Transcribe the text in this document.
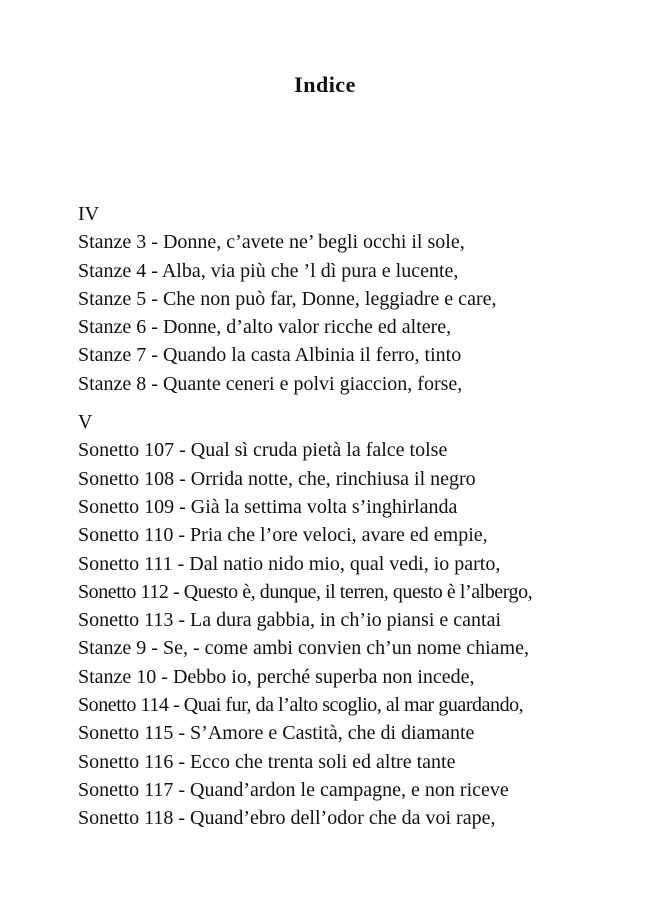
Indice
IV
Stanze 3 - Donne, c’avete ne’ begli occhi il sole,
Stanze 4 - Alba, via più che ’l dì pura e lucente,
Stanze 5 - Che non può far, Donne, leggiadre e care,
Stanze 6 - Donne, d’alto valor ricche ed altere,
Stanze 7 - Quando la casta Albinia il ferro, tinto
Stanze 8 - Quante ceneri e polvi giaccion, forse,
V
Sonetto 107 - Qual sì cruda pietà la falce tolse
Sonetto 108 - Orrida notte, che, rinchiusa il negro
Sonetto 109 - Già la settima volta s’inghirlanda
Sonetto 110 - Pria che l’ore veloci, avare ed empie,
Sonetto 111 - Dal natio nido mio, qual vedi, io parto,
Sonetto 112 - Questo è, dunque, il terren, questo è l’albergo,
Sonetto 113 - La dura gabbia, in ch’io piansi e cantai
Stanze 9 - Se, - come ambi convien ch’un nome chiame,
Stanze 10 - Debbo io, perché superba non incede,
Sonetto 114 - Quai fur, da l’alto scoglio, al mar guardando,
Sonetto 115 - S’Amore e Castità, che di diamante
Sonetto 116 - Ecco che trenta soli ed altre tante
Sonetto 117 - Quand’ardon le campagne, e non riceve
Sonetto 118 - Quand’ebro dell’odor che da voi rape,
